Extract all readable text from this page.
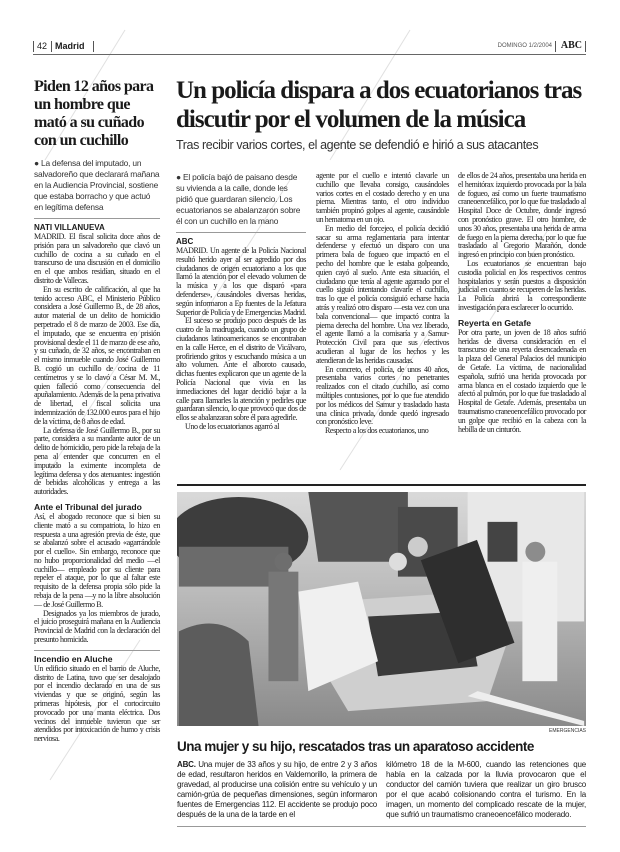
42 Madrid	DOMINGO 1/2/2004 ABC
Piden 12 años para un hombre que mató a su cuñado con un cuchillo
● La defensa del imputado, un salvadoreño que declarará mañana en la Audiencia Provincial, sostiene que estaba borracho y que actuó en legítima defensa
NATI VILLANUEVA

MADRID. El fiscal solicita doce años de prisión para un salvadoreño que clavó un cuchillo de cocina a su cuñado en el transcurso de una discusión en el domicilio en el que ambos residían, situado en el distrito de Vallecas.

En su escrito de calificación, al que ha tenido acceso ABC, el Ministerio Público considera a José Guillermo B., de 28 años, autor material de un delito de homicidio perpetrado el 8 de marzo de 2003. Ese día, el imputado, que se encuentra en prisión provisional desde el 11 de marzo de ese año, y su cuñado, de 32 años, se encontraban en el mismo inmueble cuando José Guillermo B. cogió un cuchillo de cocina de 11 centímetros y se lo clavó a César M. M., quien falleció como consecuencia del apuñalamiento. Además de la pena privativa de libertad, el fiscal solicita una indemnización de 132.000 euros para el hijo de la víctima, de 8 años de edad.

La defensa de José Guillermo B., por su parte, considera a su mandante autor de un delito de homicidio, pero pide la rebaja de la pena al entender que concurren en el imputado la eximente incompleta de legítima defensa y dos atenuantes: ingestión de bebidas alcohólicas y entrega a las autoridades.

Ante el Tribunal del jurado

Así, el abogado reconoce que si bien su cliente mató a su compatriota, lo hizo en respuesta a una agresión previa de éste, que se abalanzó sobre el acusado «agarrándole por el cuello». Sin embargo, reconoce que no hubo proporcionalidad del medio —el cuchillo— empleado por su cliente para repeler el ataque, por lo que al faltar este requisito de la defensa propia sólo pide la rebaja de la pena —y no la libre absolución— de José Guillermo B.

Designados ya los miembros de jurado, el juicio proseguirá mañana en la Audiencia Provincial de Madrid con la declaración del presunto homicida.

Incendio en Aluche

Un edificio situado en el barrio de Aluche, distrito de Latina, tuvo que ser desalojado por el incendio declarado en una de sus viviendas y que se originó, según las primeras hipótesis, por el cortocircuito provocado por una manta eléctrica. Dos vecinos del inmueble tuvieron que ser atendidos por intoxicación de humo y crisis nerviosa.

Un policía dispara a dos ecuatorianos tras discutir por el volumen de la música
Tras recibir varios cortes, el agente se defendió e hirió a sus atacantes
● El policía bajó de paisano desde su vivienda a la calle, donde les pidió que guardaran silencio. Los ecuatorianos se abalanzaron sobre él con un cuchillo en la mano
ABC

MADRID. Un agente de la Policía Nacional resultó herido ayer al ser agredido por dos ciudadanos de origen ecuatoriano a los que llamó la atención por el elevado volumen de la música y a los que disparó «para defenderse», causándoles diversas heridas, según informaron a Ep fuentes de la Jefatura Superior de Policía y de Emergencias Madrid.

El suceso se produjo poco después de las cuatro de la madrugada, cuando un grupo de ciudadanos latinoamericanos se encontraban en la calle Herce, en el distrito de Vicálvaro, profiriendo gritos y escuchando música a un alto volumen. Ante el alboroto causado, dichas fuentes explicaron que un agente de la Policía Nacional que vivía en las inmediaciones del lugar decidió bajar a la calle para llamarles la atención y pedirles que guardaran silencio, lo que provocó que dos de ellos se abalanzaran sobre él para agredirle.

Uno de los ecuatorianos agarró al

agente por el cuello e intentó clavarle un cuchillo que llevaba consigo, causándoles varios cortes en el costado derecho y en una pierna. Mientras tanto, el otro individuo también propinó golpes al agente, causándole un hematoma en un ojo.

En medio del forcejeo, el policía decidió sacar su arma reglamentaria para intentar defenderse y efectuó un disparo con una primera bala de fogueo que impactó en el pecho del hombre que le estaba golpeando, quien cayó al suelo. Ante esta situación, el ciudadano que tenía al agente agarrado por el cuello siguió intentando clavarle el cuchillo, tras lo que el policía consiguió echarse hacia atrás y realizó otro disparo —esta vez con una bala convencional— que impactó contra la pierna derecha del hombre. Una vez liberado, el agente llamó a la comisaría y a Samur-Protección Civil para que sus efectivos acudieran al lugar de los hechos y les atendieran de las heridas causadas.

En concreto, el policía, de unos 40 años, presentaba varios cortes no penetrantes realizados con el citado cuchillo, así como múltiples contusiones, por lo que fue atendido por los médicos del Samur y trasladado hasta una clínica privada, donde quedó ingresado con pronóstico leve.

Respecto a los dos ecuatorianos, uno

de ellos de 24 años, presentaba una herida en el hemitórax izquierdo provocada por la bala de fogueo, así como un fuerte traumatismo craneoencefálico, por lo que fue trasladado al Hospital Doce de Octubre, donde ingresó con pronóstico grave. El otro hombre, de unos 30 años, presentaba una herida de arma de fuego en la pierna derecha, por lo que fue trasladado al Gregorio Marañón, donde ingresó en principio con buen pronóstico.

Los ecuatorianos se encuentran bajo custodia policial en los respectivos centros hospitalarios y serán puestos a disposición judicial en cuanto se recuperen de las heridas. La Policía abrirá la correspondiente investigación para esclarecer lo ocurrido.

Reyerta en Getafe

Por otra parte, un joven de 18 años sufrió heridas de diversa consideración en el transcurso de una reyerta desencadenada en la plaza del General Palacios del municipio de Getafe. La víctima, de nacionalidad española, sufrió una herida provocada por arma blanca en el costado izquierdo que le afectó al pulmón, por lo que fue trasladado al Hospital de Getafe. Además, presentaba un traumatismo craneoencefálico provocado por un golpe que recibió en la cabeza con la hebilla de un cinturón.

EMERGENCIAS
Una mujer y su hijo, rescatados tras un aparatoso accidente
ABC. Una mujer de 33 años y su hijo, de entre 2 y 3 años de edad, resultaron heridos en Valdemorillo, la primera de gravedad, al producirse una colisión entre su vehículo y un camión-grúa de pequeñas dimensiones, según informaron fuentes de Emergencias 112. El accidente se produjo poco después de la una de la tarde en el
kilómetro 18 de la M-600, cuando las retenciones que había en la calzada por la lluvia provocaron que el conductor del camión tuviera que realizar un giro brusco por el que acabó colisionando contra el turismo. En la imagen, un momento del complicado rescate de la mujer, que sufrió un traumatismo craneoencefálico moderado.
